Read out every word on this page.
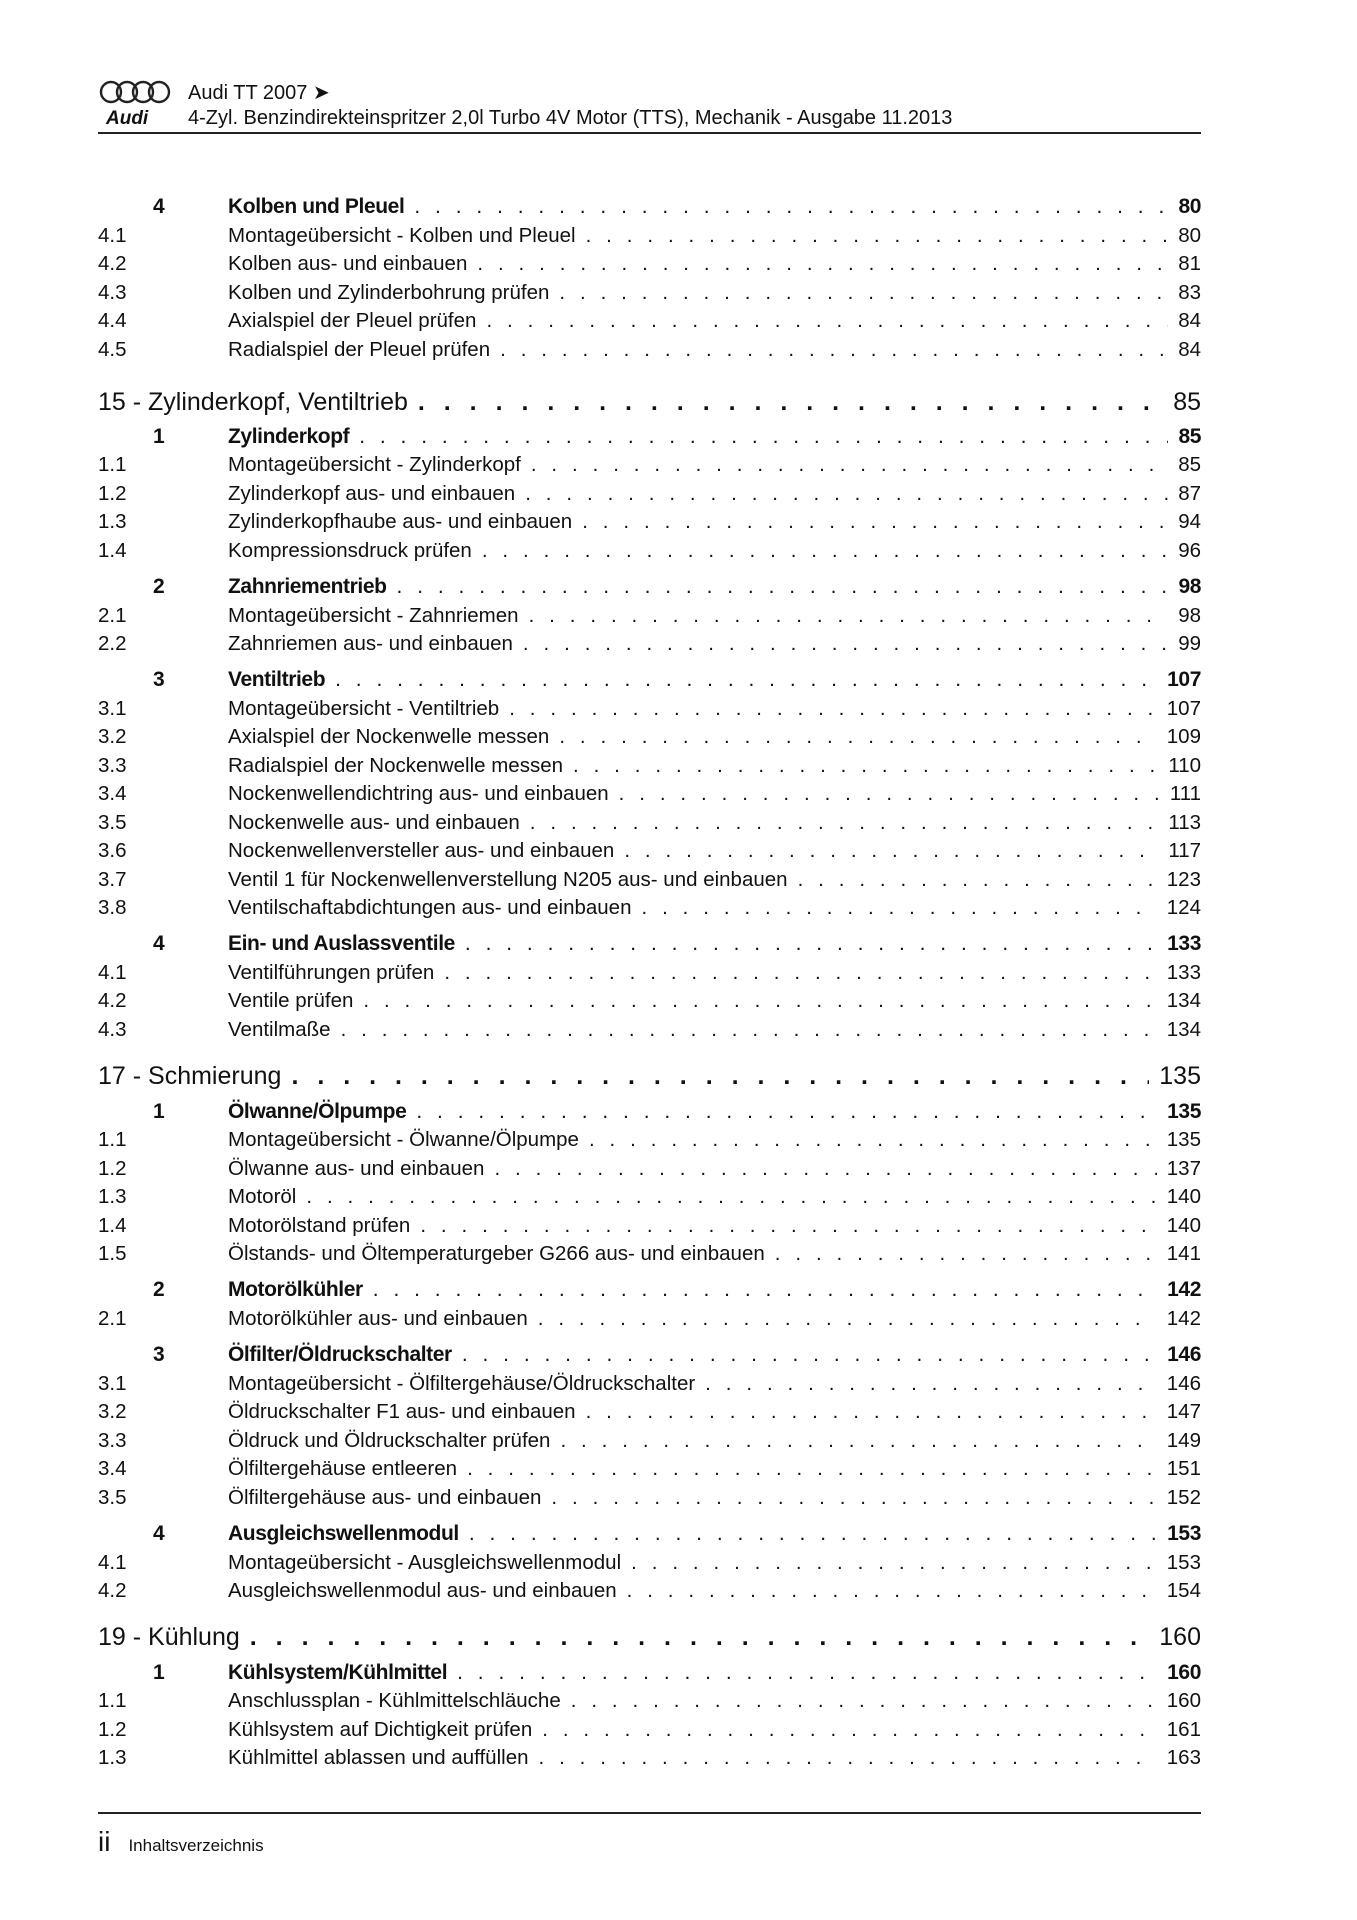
Audi
Audi TT 2007 ➤
4-Zyl. Benzindirekteinspritzer 2,0l Turbo 4V Motor (TTS), Mechanik - Ausgabe 11.2013
4	Kolben und Pleuel . . .	80
4.1	Montageübersicht - Kolben und Pleuel . . .	80
4.2	Kolben aus- und einbauen . . .	81
4.3	Kolben und Zylinderbohrung prüfen . . .	83
4.4	Axialspiel der Pleuel prüfen . . .	84
4.5	Radialspiel der Pleuel prüfen . . .	84
15 - Zylinderkopf, Ventiltrieb . . .	85
1	Zylinderkopf . . .	85
1.1	Montageübersicht - Zylinderkopf . . .	85
1.2	Zylinderkopf aus- und einbauen . . .	87
1.3	Zylinderkopfhaube aus- und einbauen . . .	94
1.4	Kompressionsdruck prüfen . . .	96
2	Zahnriementrieb . . .	98
2.1	Montageübersicht - Zahnriemen . . .	98
2.2	Zahnriemen aus- und einbauen . . .	99
3	Ventiltrieb . . .	107
3.1	Montageübersicht - Ventiltrieb . . .	107
3.2	Axialspiel der Nockenwelle messen . . .	109
3.3	Radialspiel der Nockenwelle messen . . .	110
3.4	Nockenwellendichtring aus- und einbauen . . .	111
3.5	Nockenwelle aus- und einbauen . . .	113
3.6	Nockenwellenversteller aus- und einbauen . . .	117
3.7	Ventil 1 für Nockenwellenverstellung N205 aus- und einbauen . . .	123
3.8	Ventilschaftabdichtungen aus- und einbauen . . .	124
4	Ein- und Auslassventile . . .	133
4.1	Ventilführungen prüfen . . .	133
4.2	Ventile prüfen . . .	134
4.3	Ventilmaße . . .	134
17 - Schmierung . . .	135
1	Ölwanne/Ölpumpe . . .	135
1.1	Montageübersicht - Ölwanne/Ölpumpe . . .	135
1.2	Ölwanne aus- und einbauen . . .	137
1.3	Motoröl . . .	140
1.4	Motorölstand prüfen . . .	140
1.5	Ölstands- und Öltemperaturgeber G266 aus- und einbauen . . .	141
2	Motorölkühler . . .	142
2.1	Motorölkühler aus- und einbauen . . .	142
3	Ölfilter/Öldruckschalter . . .	146
3.1	Montageübersicht - Ölfiltergehäuse/Öldruckschalter . . .	146
3.2	Öldruckschalter F1 aus- und einbauen . . .	147
3.3	Öldruck und Öldruckschalter prüfen . . .	149
3.4	Ölfiltergehäuse entleeren . . .	151
3.5	Ölfiltergehäuse aus- und einbauen . . .	152
4	Ausgleichswellenmodul . . .	153
4.1	Montageübersicht - Ausgleichswellenmodul . . .	153
4.2	Ausgleichswellenmodul aus- und einbauen . . .	154
19 - Kühlung . . .	160
1	Kühlsystem/Kühlmittel . . .	160
1.1	Anschlussplan - Kühlmittelschläuche . . .	160
1.2	Kühlsystem auf Dichtigkeit prüfen . . .	161
1.3	Kühlmittel ablassen und auffüllen . . .	163
ii Inhaltsverzeichnis
